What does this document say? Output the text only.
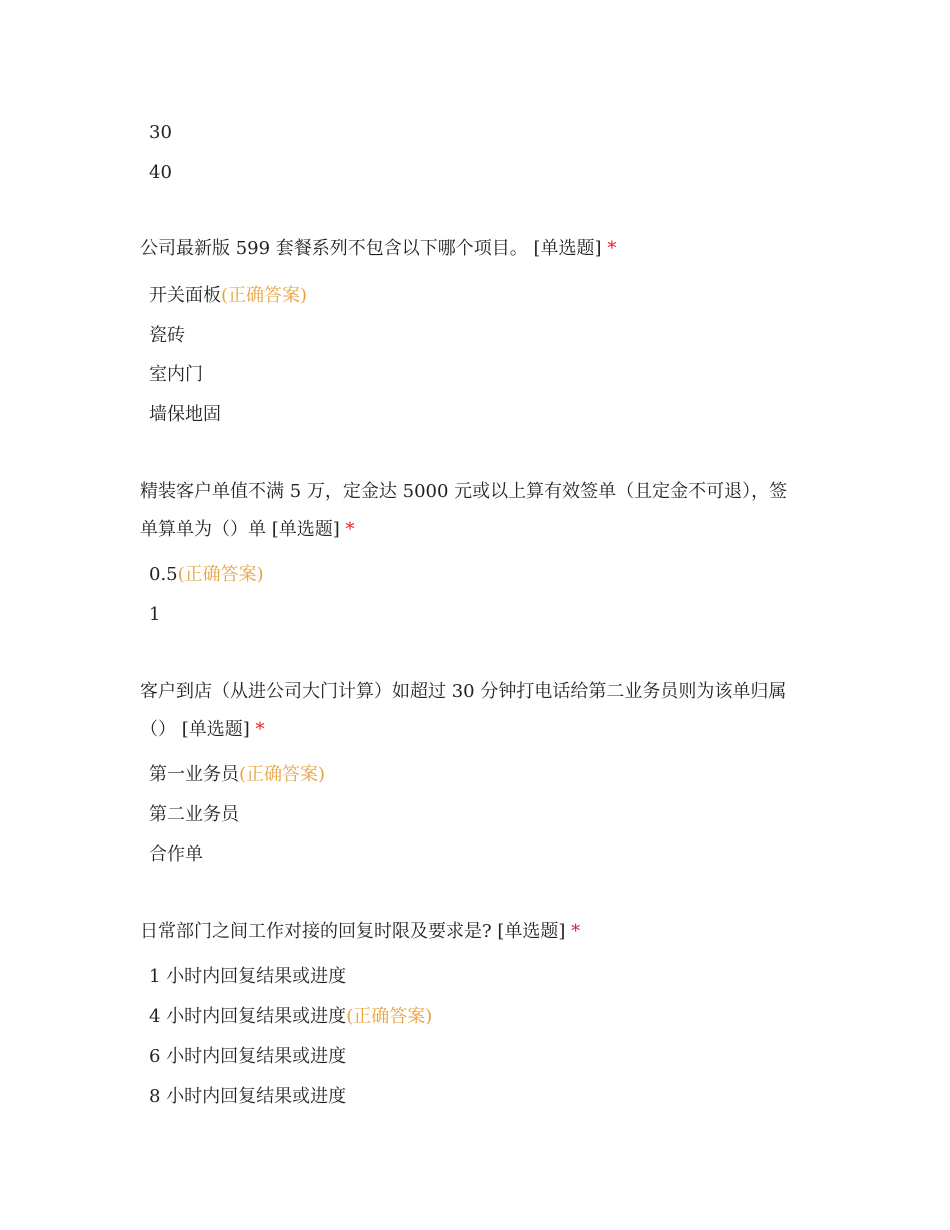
30
40
公司最新版 599 套餐系列不包含以下哪个项目。 [单选题] *
开关面板(正确答案)
瓷砖
室内门
墙保地固
精装客户单值不满 5 万，定金达 5000 元或以上算有效签单（且定金不可退），签单算单为（）单 [单选题] *
0.5(正确答案)
1
客户到店（从进公司大门计算）如超过 30 分钟打电话给第二业务员则为该单归属（） [单选题] *
第一业务员(正确答案)
第二业务员
合作单
日常部门之间工作对接的回复时限及要求是? [单选题] *
1 小时内回复结果或进度
4 小时内回复结果或进度(正确答案)
6 小时内回复结果或进度
8 小时内回复结果或进度
